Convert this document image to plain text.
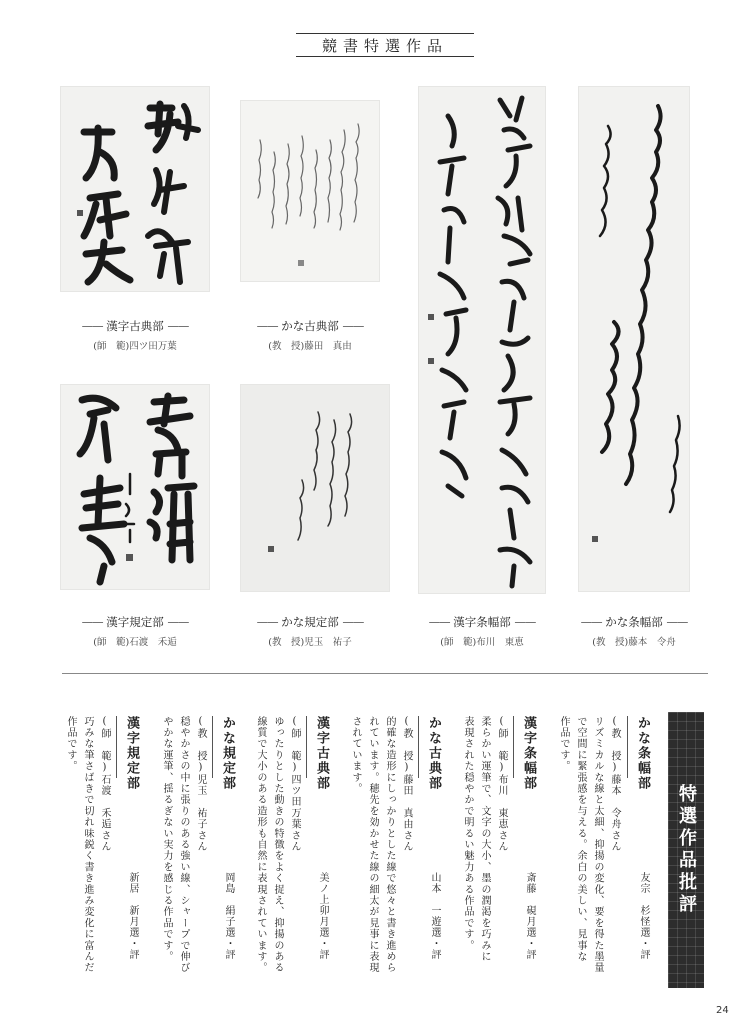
競書特選作品
—— 漢字古典部 ——
(師　範)四ツ田万葉
—— かな古典部 ——
(教　授)藤田　真由
—— 漢字条幅部 ——
(師　範)布川　東恵
—— かな条幅部 ——
(教　授)藤本　令舟
—— 漢字規定部 ——
(師　範)石渡　禾逅
—— かな規定部 ——
(教　授)児玉　祐子
特選作品批評
かな条幅部
友宗　杉怪選・評
(教　授)藤本　令舟さん
リズミカルな線と太細、抑揚の変化、要を得た墨量
で空間に緊張感を与える。余白の美しい、見事な
作品です。
漢字条幅部
斎藤　硯月選・評
(師　範)布川　東恵さん
柔らかい運筆で、文字の大小、墨の潤渇を巧みに
表現された穏やかで明るい魅力ある作品です。
かな古典部
山本　一遊選・評
(教　授)藤田　真由さん
的確な造形にしっかりとした線で悠々と書き進めら
れています。穂先を効かせた線の細太が見事に表現
されています。
漢字古典部
美ノ上卯月選・評
(師　範)四ツ田万葉さん
ゆったりとした動きの特徴をよく捉え、抑揚のある
線質で大小のある造形も自然に表現されています。
かな規定部
岡島　絹子選・評
(教　授)児玉　祐子さん
穏やかさの中に張りのある強い線、シャープで伸び
やかな運筆、揺るぎない実力を感じる作品です。
漢字規定部
新居　新月選・評
(師　範)石渡　禾逅さん
巧みな筆さばきで切れ味鋭く書き進み変化に富んだ
作品です。
24
